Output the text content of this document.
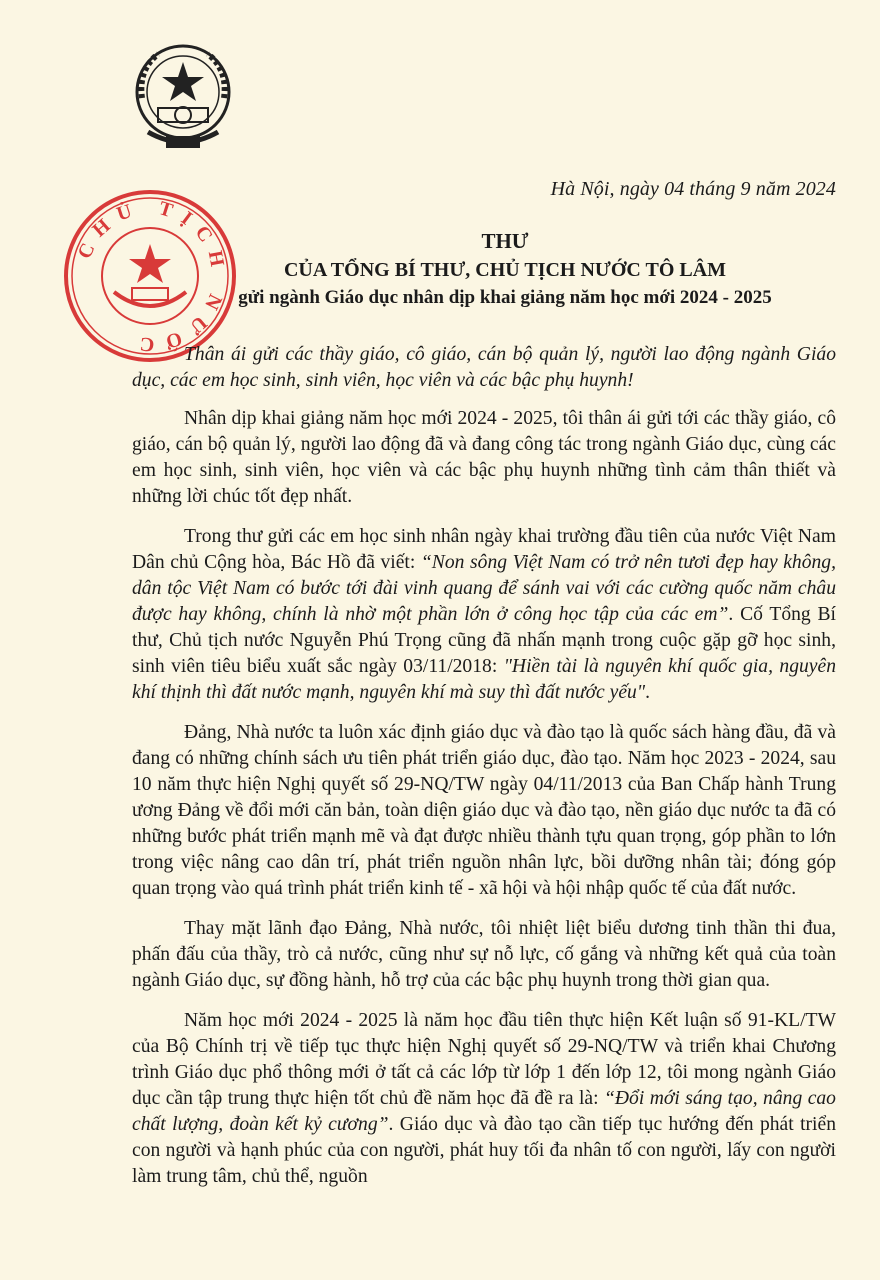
CHỦ TỊCH NƯỚC
Hà Nội, ngày 04 tháng 9 năm 2024
THƯ
CỦA TỔNG BÍ THƯ, CHỦ TỊCH NƯỚC TÔ LÂM
gửi ngành Giáo dục nhân dịp khai giảng năm học mới 2024 - 2025

Thân ái gửi các thầy giáo, cô giáo, cán bộ quản lý, người lao động ngành Giáo dục, các em học sinh, sinh viên, học viên và các bậc phụ huynh!

Nhân dịp khai giảng năm học mới 2024 - 2025, tôi thân ái gửi tới các thầy giáo, cô giáo, cán bộ quản lý, người lao động đã và đang công tác trong ngành Giáo dục, cùng các em học sinh, sinh viên, học viên và các bậc phụ huynh những tình cảm thân thiết và những lời chúc tốt đẹp nhất.

Trong thư gửi các em học sinh nhân ngày khai trường đầu tiên của nước Việt Nam Dân chủ Cộng hòa, Bác Hồ đã viết: “Non sông Việt Nam có trở nên tươi đẹp hay không, dân tộc Việt Nam có bước tới đài vinh quang để sánh vai với các cường quốc năm châu được hay không, chính là nhờ một phần lớn ở công học tập của các em”. Cố Tổng Bí thư, Chủ tịch nước Nguyễn Phú Trọng cũng đã nhấn mạnh trong cuộc gặp gỡ học sinh, sinh viên tiêu biểu xuất sắc ngày 03/11/2018: "Hiền tài là nguyên khí quốc gia, nguyên khí thịnh thì đất nước mạnh, nguyên khí mà suy thì đất nước yếu".

Đảng, Nhà nước ta luôn xác định giáo dục và đào tạo là quốc sách hàng đầu, đã và đang có những chính sách ưu tiên phát triển giáo dục, đào tạo. Năm học 2023 - 2024, sau 10 năm thực hiện Nghị quyết số 29-NQ/TW ngày 04/11/2013 của Ban Chấp hành Trung ương Đảng về đổi mới căn bản, toàn diện giáo dục và đào tạo, nền giáo dục nước ta đã có những bước phát triển mạnh mẽ và đạt được nhiều thành tựu quan trọng, góp phần to lớn trong việc nâng cao dân trí, phát triển nguồn nhân lực, bồi dưỡng nhân tài; đóng góp quan trọng vào quá trình phát triển kinh tế - xã hội và hội nhập quốc tế của đất nước.

Thay mặt lãnh đạo Đảng, Nhà nước, tôi nhiệt liệt biểu dương tinh thần thi đua, phấn đấu của thầy, trò cả nước, cũng như sự nỗ lực, cố gắng và những kết quả của toàn ngành Giáo dục, sự đồng hành, hỗ trợ của các bậc phụ huynh trong thời gian qua.

Năm học mới 2024 - 2025 là năm học đầu tiên thực hiện Kết luận số 91-KL/TW của Bộ Chính trị về tiếp tục thực hiện Nghị quyết số 29-NQ/TW và triển khai Chương trình Giáo dục phổ thông mới ở tất cả các lớp từ lớp 1 đến lớp 12, tôi mong ngành Giáo dục cần tập trung thực hiện tốt chủ đề năm học đã đề ra là: “Đổi mới sáng tạo, nâng cao chất lượng, đoàn kết kỷ cương”. Giáo dục và đào tạo cần tiếp tục hướng đến phát triển con người và hạnh phúc của con người, phát huy tối đa nhân tố con người, lấy con người làm trung tâm, chủ thể, nguồn
